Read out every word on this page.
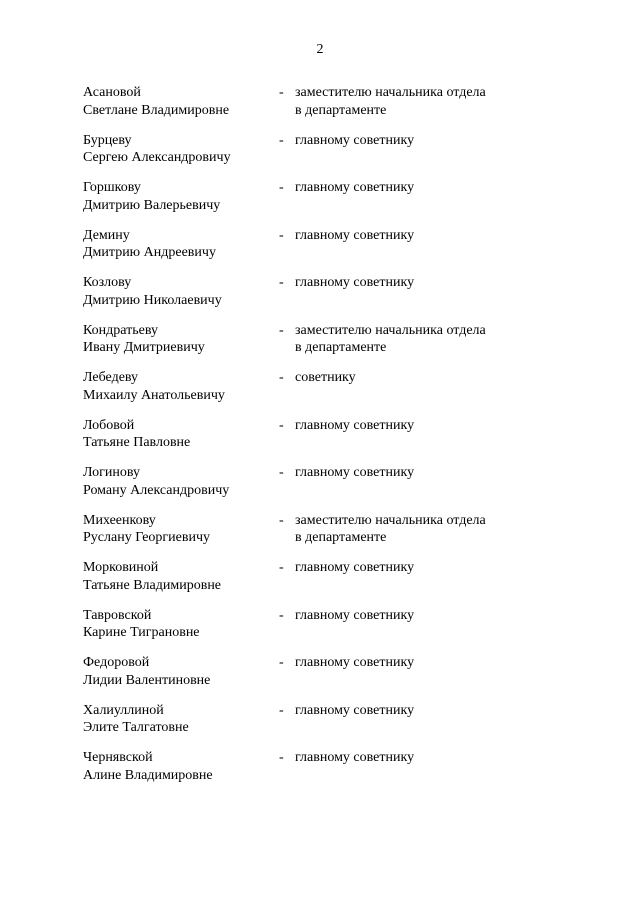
2
Асановой
Светлане Владимировне
- заместителю начальника отдела
в департаменте
Бурцеву
Сергею Александровичу
- главному советнику
Горшкову
Дмитрию Валерьевичу
- главному советнику
Демину
Дмитрию Андреевичу
- главному советнику
Козлову
Дмитрию Николаевичу
- главному советнику
Кондратьеву
Ивану Дмитриевичу
- заместителю начальника отдела
в департаменте
Лебедеву
Михаилу Анатольевичу
- советнику
Лобовой
Татьяне Павловне
- главному советнику
Логинову
Роману Александровичу
- главному советнику
Михеенкову
Руслану Георгиевичу
- заместителю начальника отдела
в департаменте
Морковиной
Татьяне Владимировне
- главному советнику
Тавровской
Карине Тиграновне
- главному советнику
Федоровой
Лидии Валентиновне
- главному советнику
Халиуллиной
Элите Талгатовне
- главному советнику
Чернявской
Алине Владимировне
- главному советнику
